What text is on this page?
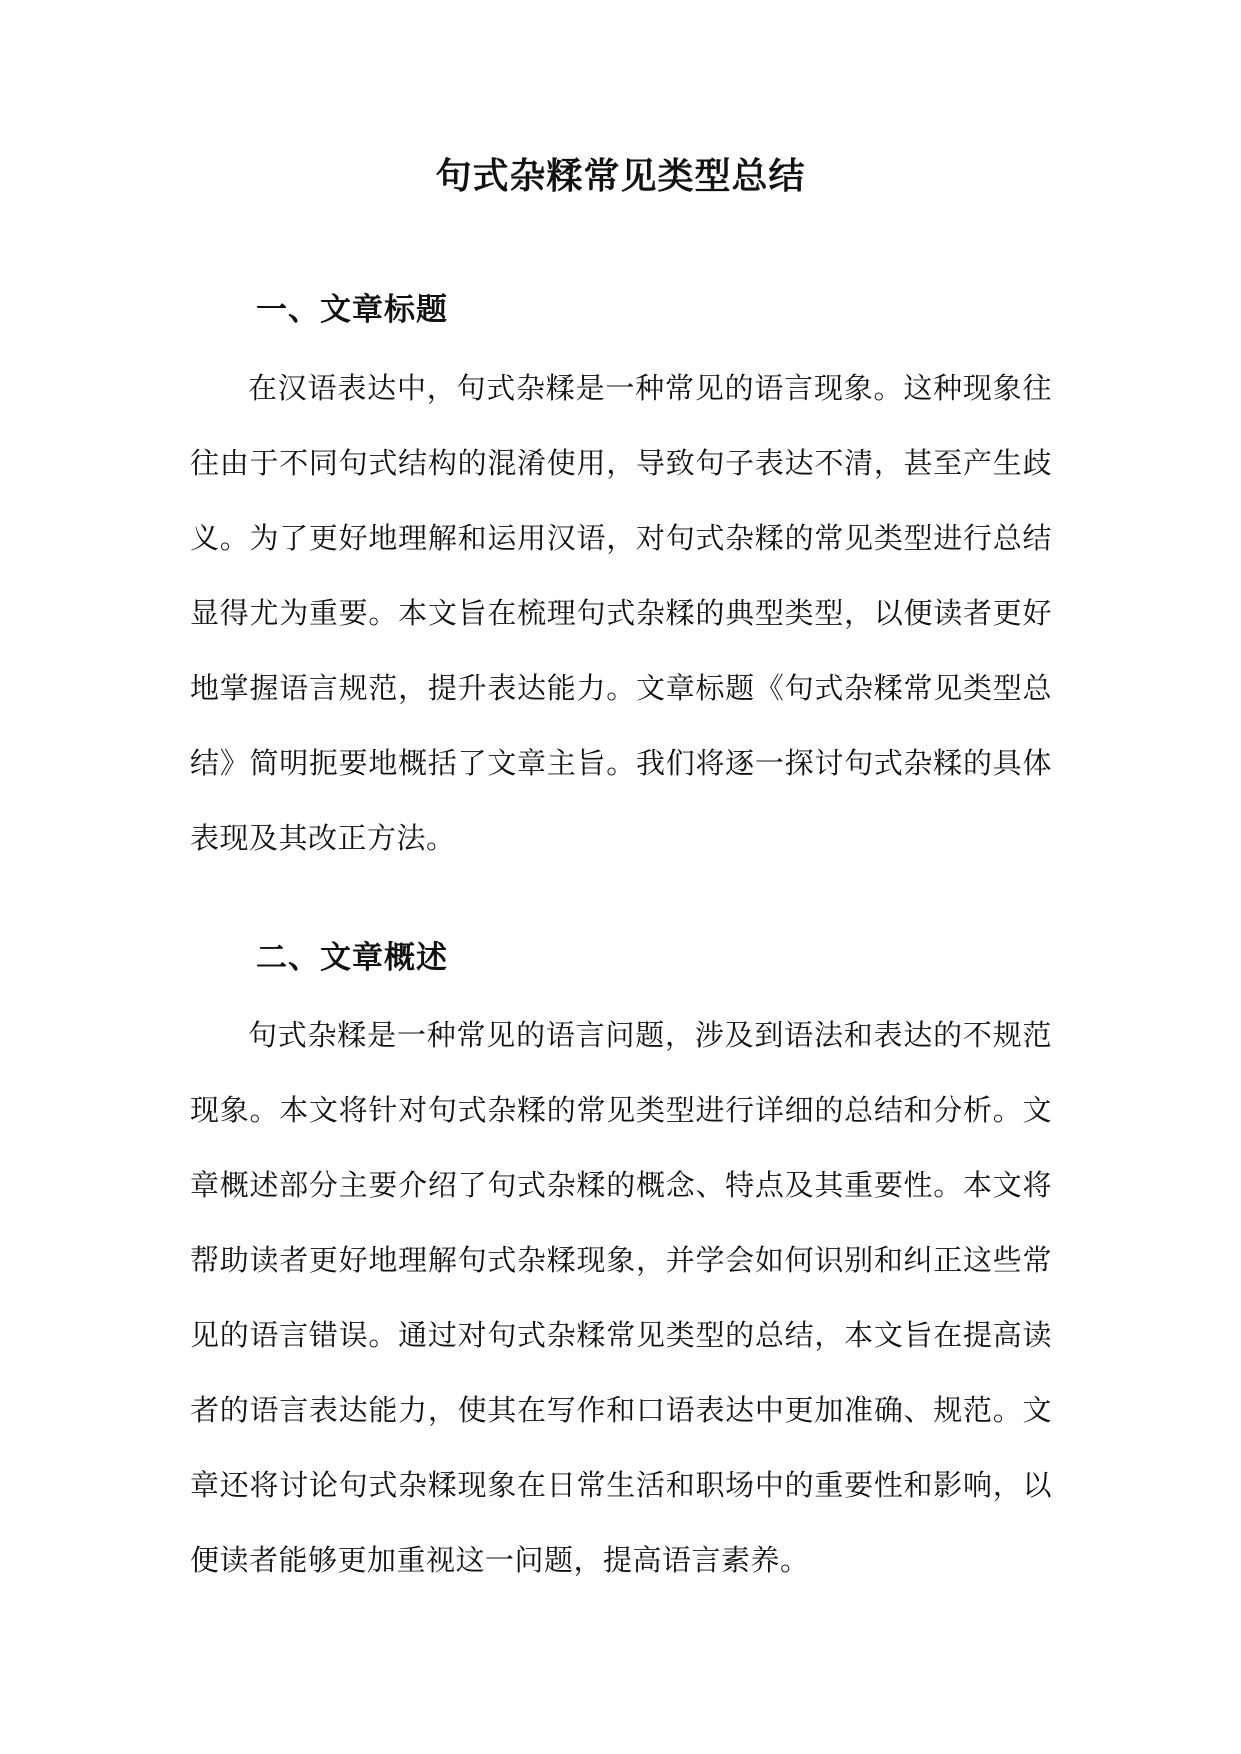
句式杂糅常见类型总结
一、文章标题

在汉语表达中，句式杂糅是一种常见的语言现象。这种现象往往由于不同句式结构的混淆使用，导致句子表达不清，甚至产生歧义。为了更好地理解和运用汉语，对句式杂糅的常见类型进行总结显得尤为重要。本文旨在梳理句式杂糅的典型类型，以便读者更好地掌握语言规范，提升表达能力。文章标题《句式杂糅常见类型总结》简明扼要地概括了文章主旨。我们将逐一探讨句式杂糅的具体表现及其改正方法。

二、文章概述

句式杂糅是一种常见的语言问题，涉及到语法和表达的不规范现象。本文将针对句式杂糅的常见类型进行详细的总结和分析。文章概述部分主要介绍了句式杂糅的概念、特点及其重要性。本文将帮助读者更好地理解句式杂糅现象，并学会如何识别和纠正这些常见的语言错误。通过对句式杂糅常见类型的总结，本文旨在提高读者的语言表达能力，使其在写作和口语表达中更加准确、规范。文章还将讨论句式杂糅现象在日常生活和职场中的重要性和影响，以便读者能够更加重视这一问题，提高语言素养。
